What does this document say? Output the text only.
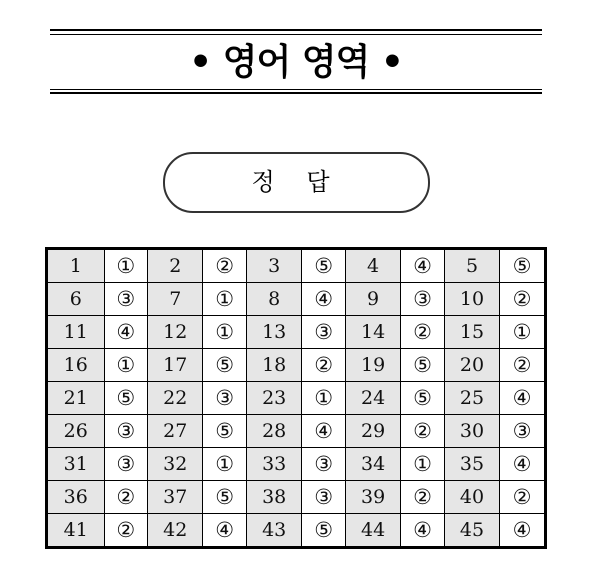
• 영어 영역 •
정 답
1	①	2	②	3	⑤	4	④	5	⑤
6	③	7	①	8	④	9	③	10	②
11	④	12	①	13	③	14	②	15	①
16	①	17	⑤	18	②	19	⑤	20	②
21	⑤	22	③	23	①	24	⑤	25	④
26	③	27	⑤	28	④	29	②	30	③
31	③	32	①	33	③	34	①	35	④
36	②	37	⑤	38	③	39	②	40	②
41	②	42	④	43	⑤	44	④	45	④
